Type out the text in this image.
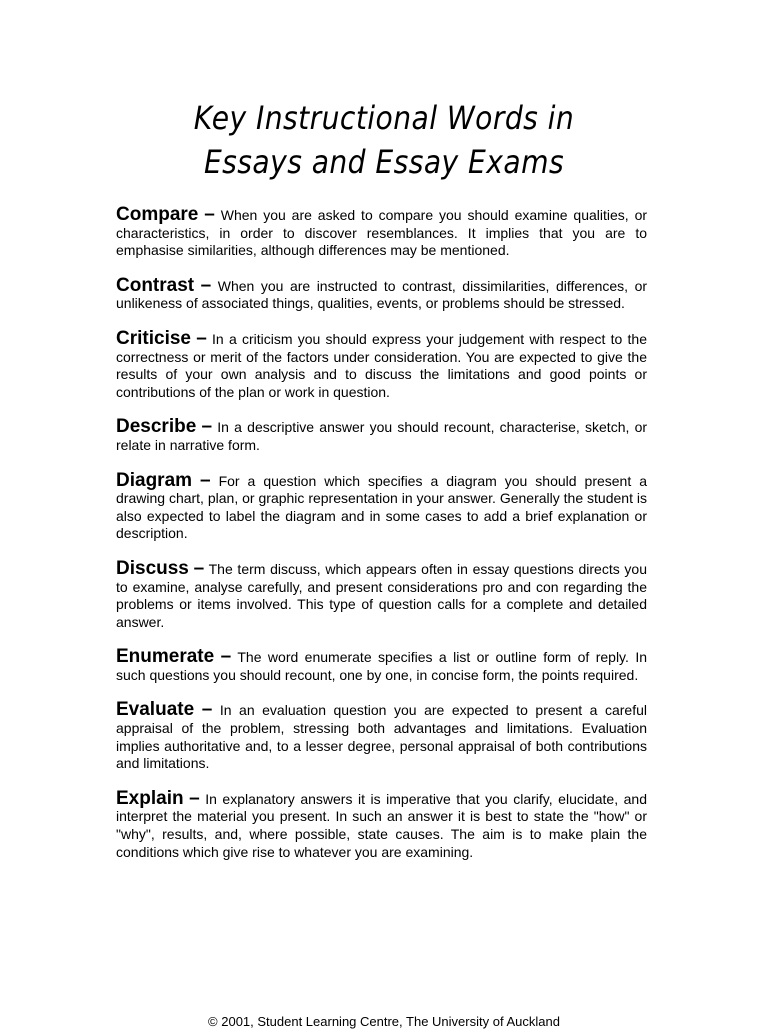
Key Instructional Words in
Essays and Essay Exams

Compare – When you are asked to compare you should examine qualities, or characteristics, in order to discover resemblances. It implies that you are to emphasise similarities, although differences may be mentioned.

Contrast – When you are instructed to contrast, dissimilarities, differences, or unlikeness of associated things, qualities, events, or problems should be stressed.

Criticise – In a criticism you should express your judgement with respect to the correctness or merit of the factors under consideration. You are expected to give the results of your own analysis and to discuss the limitations and good points or contributions of the plan or work in question.

Describe – In a descriptive answer you should recount, characterise, sketch, or relate in narrative form.

Diagram – For a question which specifies a diagram you should present a drawing chart, plan, or graphic representation in your answer. Generally the student is also expected to label the diagram and in some cases to add a brief explanation or description.

Discuss – The term discuss, which appears often in essay questions directs you to examine, analyse carefully, and present considerations pro and con regarding the problems or items involved. This type of question calls for a complete and detailed answer.

Enumerate – The word enumerate specifies a list or outline form of reply. In such questions you should recount, one by one, in concise form, the points required.

Evaluate – In an evaluation question you are expected to present a careful appraisal of the problem, stressing both advantages and limitations. Evaluation implies authoritative and, to a lesser degree, personal appraisal of both contributions and limitations.

Explain – In explanatory answers it is imperative that you clarify, elucidate, and interpret the material you present. In such an answer it is best to state the "how" or "why", results, and, where possible, state causes. The aim is to make plain the conditions which give rise to whatever you are examining.

© 2001, Student Learning Centre, The University of Auckland
